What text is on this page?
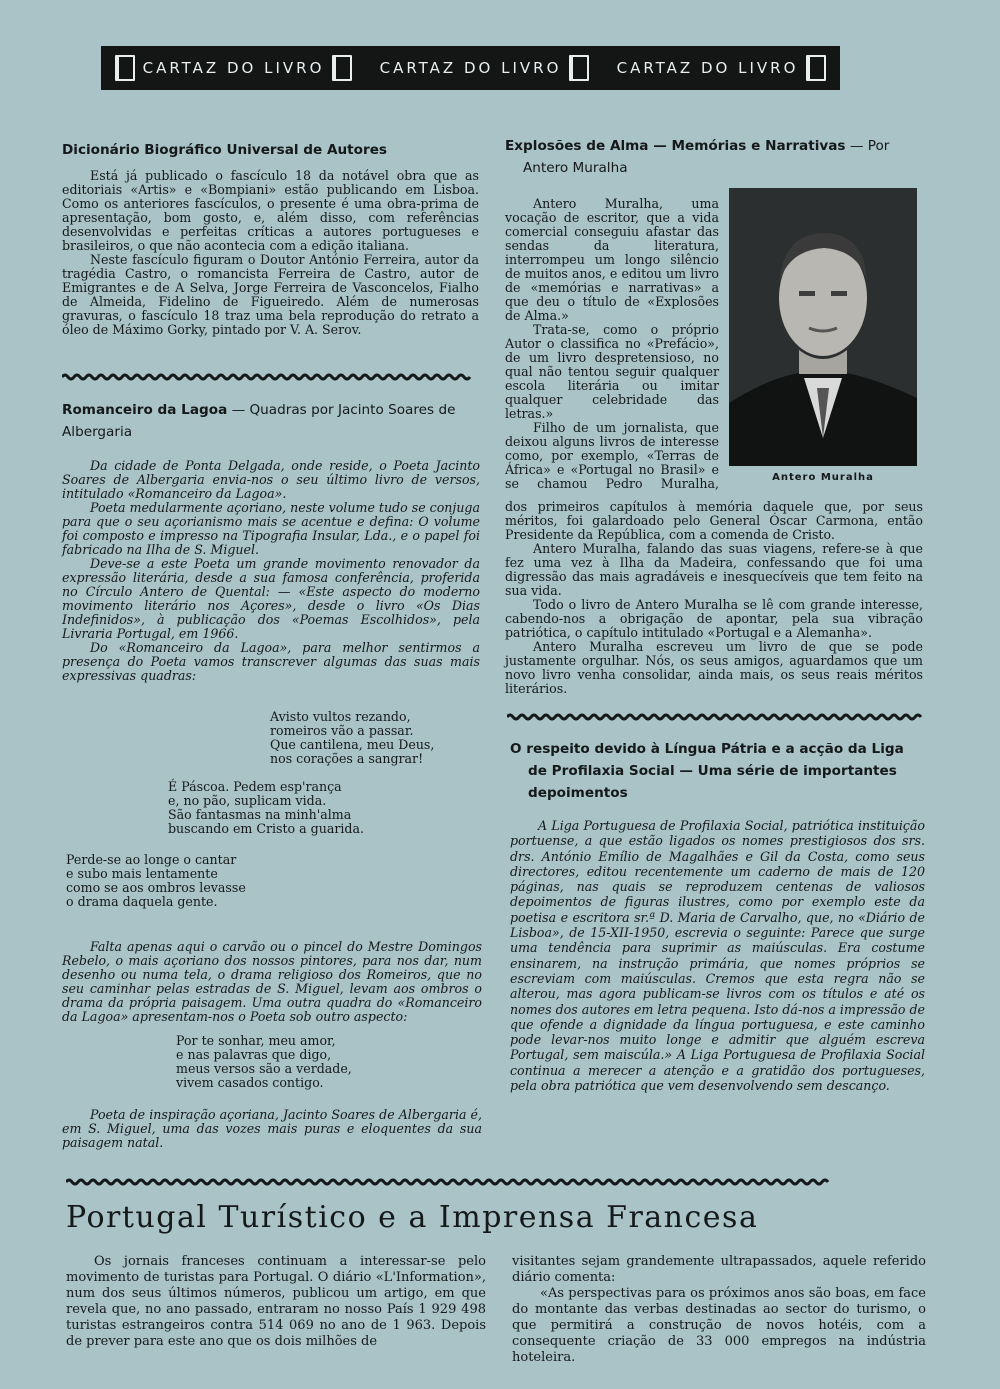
CARTAZ DO LIVRO	CARTAZ DO LIVRO	CARTAZ DO LIVRO
Dicionário Biográfico Universal de Autores

Está já publicado o fascículo 18 da notável obra que as editoriais «Artis» e «Bompiani» estão publicando em Lisboa. Como os anteriores fascículos, o presente é uma obra-prima de apresentação, bom gosto, e, além disso, com referências desenvolvidas e perfeitas críticas a autores portugueses e brasileiros, o que não acontecia com a edição italiana.

Neste fascículo figuram o Doutor António Ferreira, autor da tragédia Castro, o romancista Ferreira de Castro, autor de Emigrantes e de A Selva, Jorge Ferreira de Vasconcelos, Fialho de Almeida, Fidelino de Figueiredo. Além de numerosas gravuras, o fascículo 18 traz uma bela reprodução do retrato a óleo de Máximo Gorky, pintado por V. A. Serov.

Romanceiro da Lagoa — Quadras por Jacinto Soares de Albergaria

Da cidade de Ponta Delgada, onde reside, o Poeta Jacinto Soares de Albergaria envia-nos o seu último livro de versos, intitulado «Romanceiro da Lagoa».

Poeta medularmente açoriano, neste volume tudo se conjuga para que o seu açorianismo mais se acentue e defina: O volume foi composto e impresso na Tipografia Insular, Lda., e o papel foi fabricado na Ilha de S. Miguel.

Deve-se a este Poeta um grande movimento renovador da expressão literária, desde a sua famosa conferência, proferida no Círculo Antero de Quental: — «Este aspecto do moderno movimento literário nos Açores», desde o livro «Os Dias Indefinidos», à publicação dos «Poemas Escolhidos», pela Livraria Portugal, em 1966.

Do «Romanceiro da Lagoa», para melhor sentirmos a presença do Poeta vamos transcrever algumas das suas mais expressivas quadras:

Avisto vultos rezando,
romeiros vão a passar.
Que cantilena, meu Deus,
nos corações a sangrar!
É Páscoa. Pedem esp'rança
e, no pão, suplicam vida.
São fantasmas na minh'alma
buscando em Cristo a guarida.
Perde-se ao longe o cantar
e subo mais lentamente
como se aos ombros levasse
o drama daquela gente.

Falta apenas aqui o carvão ou o pincel do Mestre Domingos Rebelo, o mais açoriano dos nossos pintores, para nos dar, num desenho ou numa tela, o drama religioso dos Romeiros, que no seu caminhar pelas estradas de S. Miguel, levam aos ombros o drama da própria paisagem. Uma outra quadra do «Romanceiro da Lagoa» apresentam-nos o Poeta sob outro aspecto:

Por te sonhar, meu amor,
e nas palavras que digo,
meus versos são a verdade,
vivem casados contigo.

Poeta de inspiração açoriana, Jacinto Soares de Albergaria é, em S. Miguel, uma das vozes mais puras e eloquentes da sua paisagem natal.

Explosões de Alma — Memórias e Narrativas — Por
Antero Muralha

Antero Muralha, uma vocação de escritor, que a vida comercial conseguiu afastar das sendas da literatura, interrompeu um longo silêncio de muitos anos, e editou um livro de «memórias e narrativas» a que deu o título de «Explosões de Alma.»

Trata-se, como o próprio Autor o classifica no «Prefácio», de um livro despretensioso, no qual não tentou seguir qualquer escola literária ou imitar qualquer celebridade das letras.»

Antero Muralha

Filho de um jornalista, que deixou alguns livros de interesse como, por exemplo, «Terras de África» e «Portugal no Brasil» e se chamou Pedro Muralha,

dos primeiros capítulos à memória daquele que, por seus méritos, foi galardoado pelo General Óscar Carmona, então Presidente da República, com a comenda de Cristo.

Antero Muralha, falando das suas viagens, refere-se à que fez uma vez à Ilha da Madeira, confessando que foi uma digressão das mais agradáveis e inesquecíveis que tem feito na sua vida.

Todo o livro de Antero Muralha se lê com grande interesse, cabendo-nos a obrigação de apontar, pela sua vibração patriótica, o capítulo intitulado «Portugal e a Alemanha».

Antero Muralha escreveu um livro de que se pode justamente orgulhar. Nós, os seus amigos, aguardamos que um novo livro venha consolidar, ainda mais, os seus reais méritos literários.

O respeito devido à Língua Pátria e a acção da Liga de Profilaxia Social — Uma série de importantes depoimentos

A Liga Portuguesa de Profilaxia Social, patriótica instituição portuense, a que estão ligados os nomes prestigiosos dos srs. drs. António Emílio de Magalhães e Gil da Costa, como seus directores, editou recentemente um caderno de mais de 120 páginas, nas quais se reproduzem centenas de valiosos depoimentos de figuras ilustres, como por exemplo este da poetisa e escritora sr.ª D. Maria de Carvalho, que, no «Diário de Lisboa», de 15-XII-1950, escrevia o seguinte: Parece que surge uma tendência para suprimir as maiúsculas. Era costume ensinarem, na instrução primária, que nomes próprios se escreviam com maiúsculas. Cremos que esta regra não se alterou, mas agora publicam-se livros com os títulos e até os nomes dos autores em letra pequena. Isto dá-nos a impressão de que ofende a dignidade da língua portuguesa, e este caminho pode levar-nos muito longe e admitir que alguém escreva Portugal, sem maiscúla.» A Liga Portuguesa de Profilaxia Social continua a merecer a atenção e a gratidão dos portugueses, pela obra patriótica que vem desenvolvendo sem descanço.

Portugal Turístico e a Imprensa Francesa

Os jornais franceses continuam a interessar-se pelo movimento de turistas para Portugal. O diário «L'Information», num dos seus últimos números, publicou um artigo, em que revela que, no ano passado, entraram no nosso País 1 929 498 turistas estrangeiros contra 514 069 no ano de 1 963. Depois de prever para este ano que os dois milhões de

visitantes sejam grandemente ultrapassados, aquele referido diário comenta:

«As perspectivas para os próximos anos são boas, em face do montante das verbas destinadas ao sector do turismo, o que permitirá a construção de novos hotéis, com a consequente criação de 33 000 empregos na indústria hoteleira.
